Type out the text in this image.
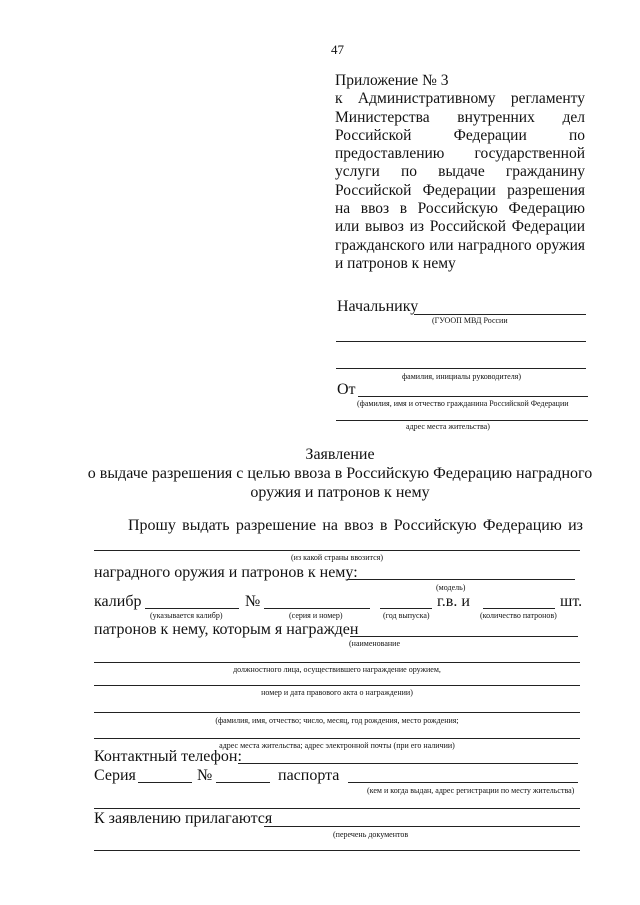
47
Приложение № 3
к Административному регламенту Министерства внутренних дел Российской Федерации по предоставлению государственной услуги по выдаче гражданину Российской Федерации разрешения на ввоз в Российскую Федерацию или вывоз из Российской Федерации гражданского или наградного оружия и патронов к нему
Начальнику
(ГУООП МВД России
фамилия, инициалы руководителя)
От
(фамилия, имя и отчество гражданина Российской Федерации
адрес места жительства)
Заявление
о выдаче разрешения с целью ввоза в Российскую Федерацию наградного
оружия и патронов к нему
Прошу выдать разрешение на ввоз в Российскую Федерацию из
(из какой страны ввозится)
наградного оружия и патронов к нему:
(модель)
калибр	№	г.в. и	шт.
(указывается калибр)	(серия и номер)	(год выпуска)	(количество патронов)
патронов к нему, которым я награжден
(наименование
должностного лица, осуществившего награждение оружием,
номер и дата правового акта о награждении)
(фамилия, имя, отчество; число, месяц, год рождения, место рождения;
адрес места жительства; адрес электронной почты (при его наличии)
Контактный телефон:
Серия	№	паспорта
(кем и когда выдан, адрес регистрации по месту жительства)
К заявлению прилагаются
(перечень документов
